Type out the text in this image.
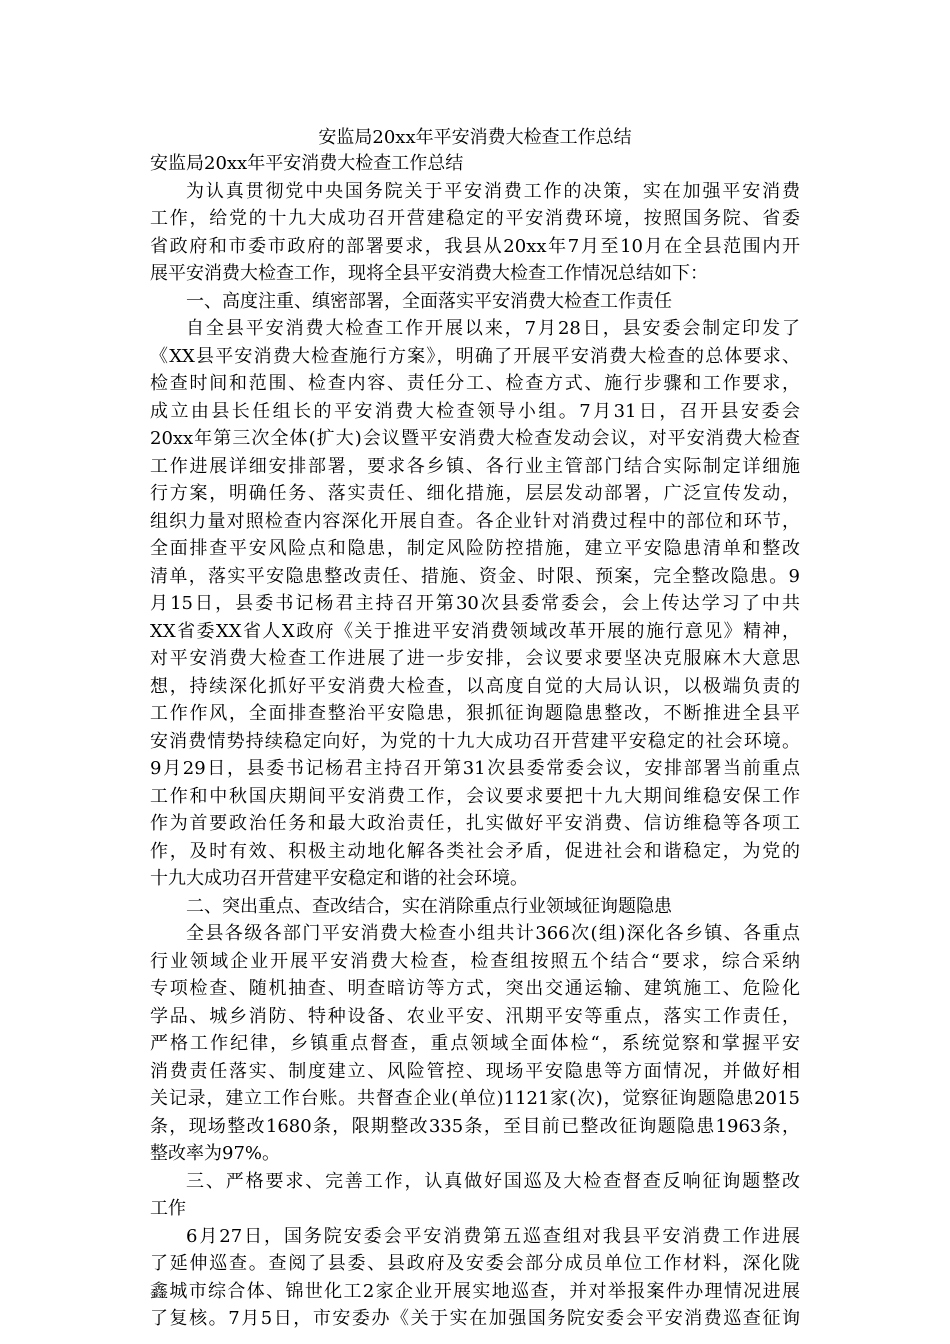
安监局20xx年平安消费大检查工作总结
安监局20xx年平安消费大检查工作总结
为认真贯彻党中央国务院关于平安消费工作的决策，实在加强平安消费
工作，给党的十九大成功召开营建稳定的平安消费环境，按照国务院、省委
省政府和市委市政府的部署要求，我县从20xx年7月至10月在全县范围内开
展平安消费大检查工作，现将全县平安消费大检查工作情况总结如下：
一、高度注重、缜密部署，全面落实平安消费大检查工作责任
自全县平安消费大检查工作开展以来，7月28日，县安委会制定印发了
《XX县平安消费大检查施行方案》，明确了开展平安消费大检查的总体要求、
检查时间和范围、检查内容、责任分工、检查方式、施行步骤和工作要求，
成立由县长任组长的平安消费大检查领导小组。7月31日，召开县安委会
20xx年第三次全体(扩大)会议暨平安消费大检查发动会议，对平安消费大检查
工作进展详细安排部署，要求各乡镇、各行业主管部门结合实际制定详细施
行方案，明确任务、落实责任、细化措施，层层发动部署，广泛宣传发动，
组织力量对照检查内容深化开展自查。各企业针对消费过程中的部位和环节，
全面排查平安风险点和隐患，制定风险防控措施，建立平安隐患清单和整改
清单，落实平安隐患整改责任、措施、资金、时限、预案，完全整改隐患。9
月15日，县委书记杨君主持召开第30次县委常委会，会上传达学习了中共
XX省委XX省人X政府《关于推进平安消费领域改革开展的施行意见》精神，
对平安消费大检查工作进展了进一步安排，会议要求要坚决克服麻木大意思
想，持续深化抓好平安消费大检查，以高度自觉的大局认识，以极端负责的
工作作风，全面排查整治平安隐患，狠抓征询题隐患整改，不断推进全县平
安消费情势持续稳定向好，为党的十九大成功召开营建平安稳定的社会环境。
9月29日，县委书记杨君主持召开第31次县委常委会议，安排部署当前重点
工作和中秋国庆期间平安消费工作，会议要求要把十九大期间维稳安保工作
作为首要政治任务和最大政治责任，扎实做好平安消费、信访维稳等各项工
作，及时有效、积极主动地化解各类社会矛盾，促进社会和谐稳定，为党的
十九大成功召开营建平安稳定和谐的社会环境。
二、突出重点、查改结合，实在消除重点行业领域征询题隐患
全县各级各部门平安消费大检查小组共计366次(组)深化各乡镇、各重点
行业领域企业开展平安消费大检查，检查组按照五个结合“要求，综合采纳
专项检查、随机抽查、明查暗访等方式，突出交通运输、建筑施工、危险化
学品、城乡消防、特种设备、农业平安、汛期平安等重点，落实工作责任，
严格工作纪律，乡镇重点督查，重点领域全面体检“，系统觉察和掌握平安
消费责任落实、制度建立、风险管控、现场平安隐患等方面情况，并做好相
关记录，建立工作台账。共督查企业(单位)1121家(次)，觉察征询题隐患2015
条，现场整改1680条，限期整改335条，至目前已整改征询题隐患1963条，
整改率为97%。
三、严格要求、完善工作，认真做好国巡及大检查督查反响征询题整改
工作
6月27日，国务院安委会平安消费第五巡查组对我县平安消费工作进展
了延伸巡查。查阅了县委、县政府及安委会部分成员单位工作材料，深化陇
鑫城市综合体、锦世化工2家企业开展实地巡查，并对举报案件办理情况进展
了复核。7月5日，市安委办《关于实在加强国务院安委会平安消费巡查征询
